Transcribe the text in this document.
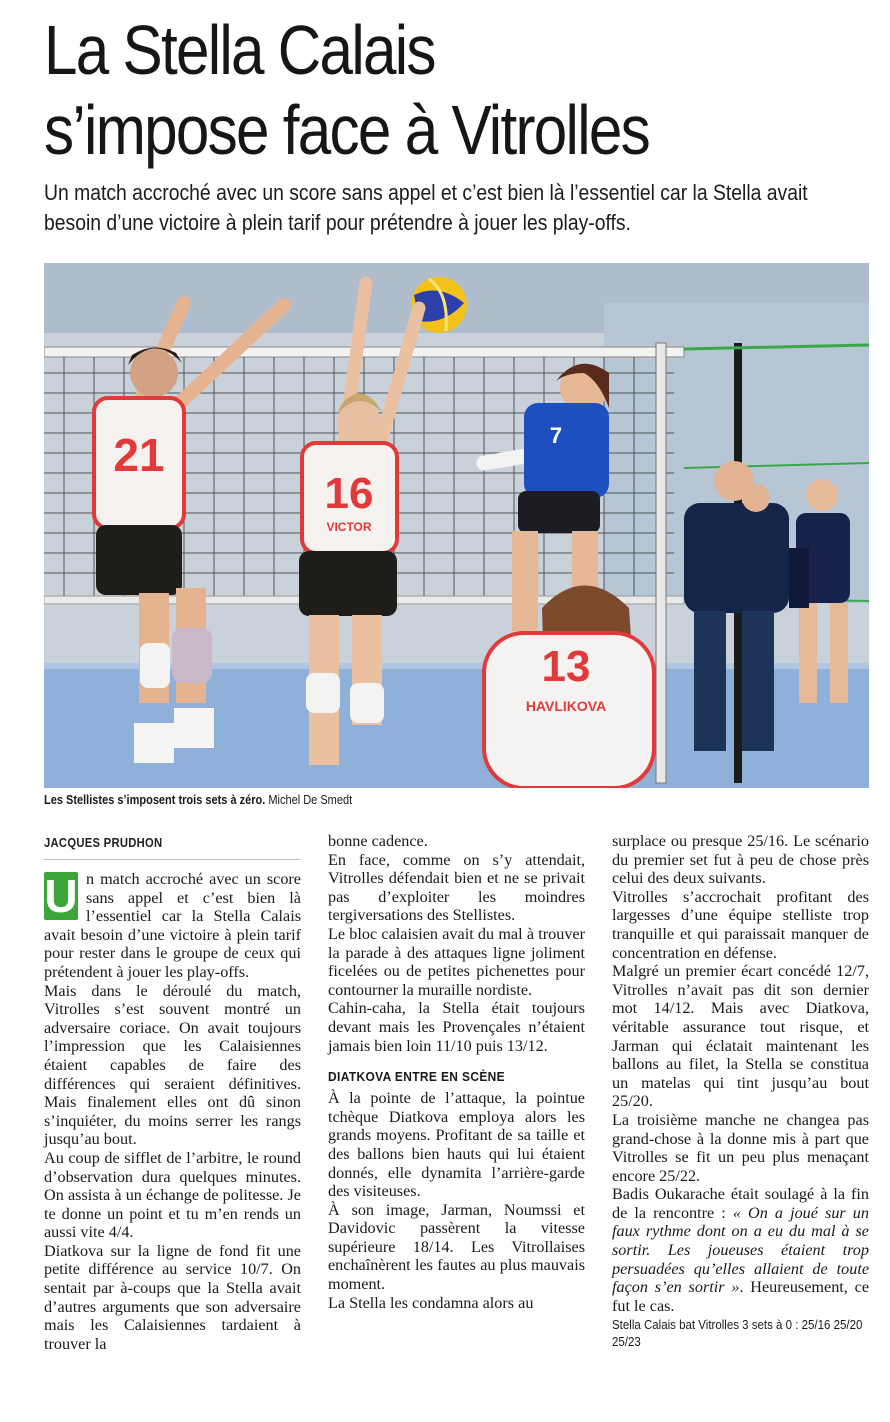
La Stella Calais
s’impose face à Vitrolles

Un match accroché avec un score sans appel et c’est bien là l’essentiel car la Stella avait besoin d’une victoire à plein tarif pour prétendre à jouer les play-offs.

21
16
VICTOR
7
13
HAVLIKOVA
Les Stellistes s’imposent trois sets à zéro. Michel De Smedt
JACQUES PRUDHON
U n match accroché avec un score sans appel et c’est bien là l’essentiel car la Stella Calais avait besoin d’une victoire à plein tarif pour rester dans le groupe de ceux qui prétendent à jouer les play-offs.

Mais dans le déroulé du match, Vitrolles s’est souvent montré un adversaire coriace. On avait toujours l’impression que les Calaisiennes étaient capables de faire des différences qui seraient définitives. Mais finalement elles ont dû sinon s’inquiéter, du moins serrer les rangs jusqu’au bout.

Au coup de sifflet de l’arbitre, le round d’observation dura quelques minutes. On assista à un échange de politesse. Je te donne un point et tu m’en rends un aussi vite 4/4.

Diatkova sur la ligne de fond fit une petite différence au service 10/7. On sentait par à-coups que la Stella avait d’autres arguments que son adversaire mais les Calaisiennes tardaient à trouver la

bonne cadence.

En face, comme on s’y attendait, Vitrolles défendait bien et ne se privait pas d’exploiter les moindres tergiversations des Stellistes.

Le bloc calaisien avait du mal à trouver la parade à des attaques ligne joliment ficelées ou de petites pichenettes pour contourner la muraille nordiste.

Cahin-caha, la Stella était toujours devant mais les Provençales n’étaient jamais bien loin 11/10 puis 13/12.

DIATKOVA ENTRE EN SCÈNE

À la pointe de l’attaque, la pointue tchèque Diatkova employa alors les grands moyens. Profitant de sa taille et des ballons bien hauts qui lui étaient donnés, elle dynamita l’arrière-garde des visiteuses.

À son image, Jarman, Noumssi et Davidovic passèrent la vitesse supérieure 18/14. Les Vitrollaises enchaînèrent les fautes au plus mauvais moment.

La Stella les condamna alors au

surplace ou presque 25/16. Le scénario du premier set fut à peu de chose près celui des deux suivants.

Vitrolles s’accrochait profitant des largesses d’une équipe stelliste trop tranquille et qui paraissait manquer de concentration en défense.

Malgré un premier écart concédé 12/7, Vitrolles n’avait pas dit son dernier mot 14/12. Mais avec Diatkova, véritable assurance tout risque, et Jarman qui éclatait maintenant les ballons au filet, la Stella se constitua un matelas qui tint jusqu’au bout 25/20.

La troisième manche ne changea pas grand-chose à la donne mis à part que Vitrolles se fit un peu plus menaçant encore 25/22.

Badis Oukarache était soulagé à la fin de la rencontre : « On a joué sur un faux rythme dont on a eu du mal à se sortir. Les joueuses étaient trop persuadées qu’elles allaient de toute façon s’en sortir ». Heureusement, ce fut le cas.

Stella Calais bat Vitrolles 3 sets à 0 : 25/16 25/20 25/23
